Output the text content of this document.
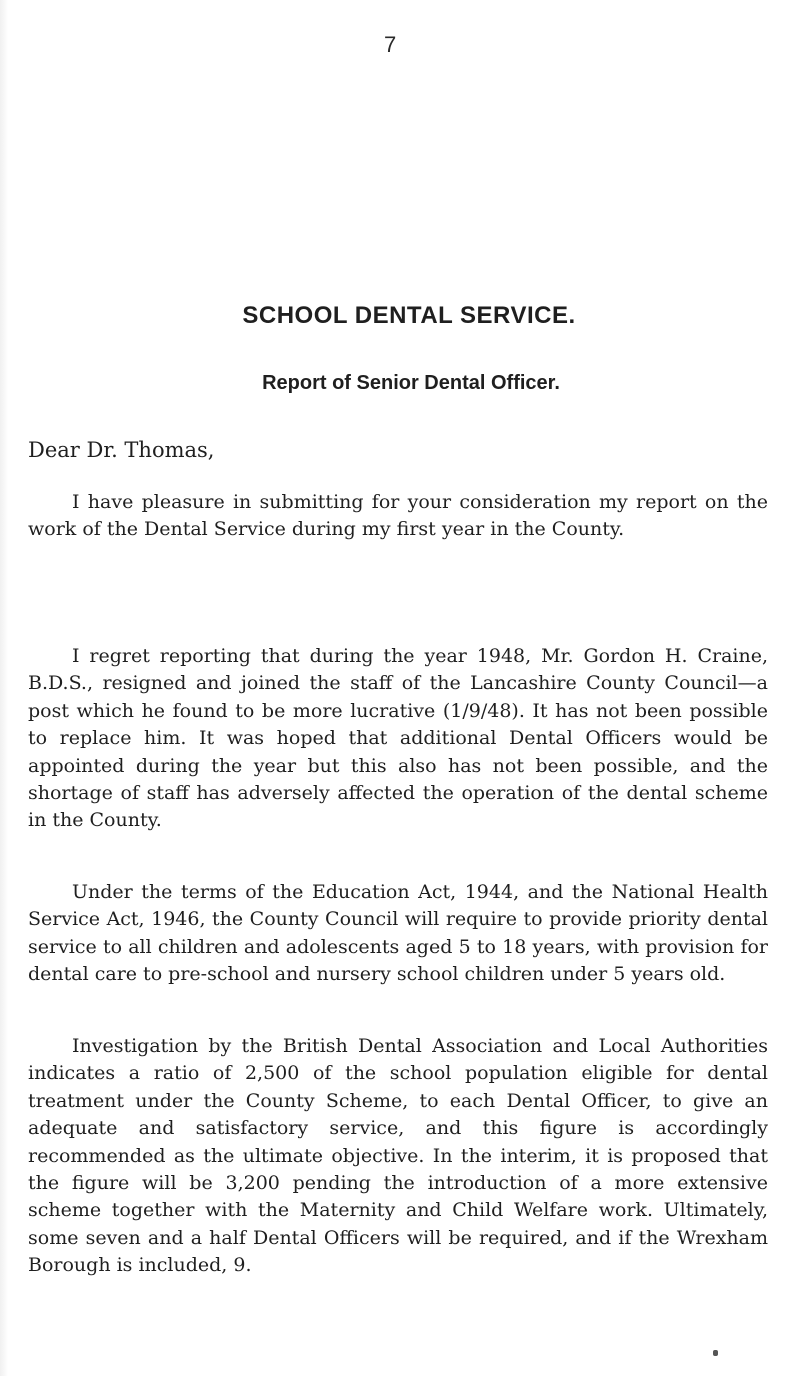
7
SCHOOL DENTAL SERVICE.
Report of Senior Dental Officer.
Dear Dr. Thomas,

I have pleasure in submitting for your consideration my report on the work of the Dental Service during my first year in the County.

I regret reporting that during the year 1948, Mr. Gordon H. Craine, B.D.S., resigned and joined the staff of the Lancashire County Council—a post which he found to be more lucrative (1/9/48). It has not been possible to replace him. It was hoped that additional Dental Officers would be appointed during the year but this also has not been possible, and the shortage of staff has adversely affected the operation of the dental scheme in the County.

Under the terms of the Education Act, 1944, and the National Health Service Act, 1946, the County Council will require to provide priority dental service to all children and adolescents aged 5 to 18 years, with provision for dental care to pre-school and nursery school children under 5 years old.

Investigation by the British Dental Association and Local Authorities indicates a ratio of 2,500 of the school population eligible for dental treatment under the County Scheme, to each Dental Officer, to give an adequate and satisfactory service, and this figure is accordingly recommended as the ultimate objective. In the interim, it is proposed that the figure will be 3,200 pending the introduction of a more extensive scheme together with the Maternity and Child Welfare work. Ultimately, some seven and a half Dental Officers will be required, and if the Wrexham Borough is included, 9.
